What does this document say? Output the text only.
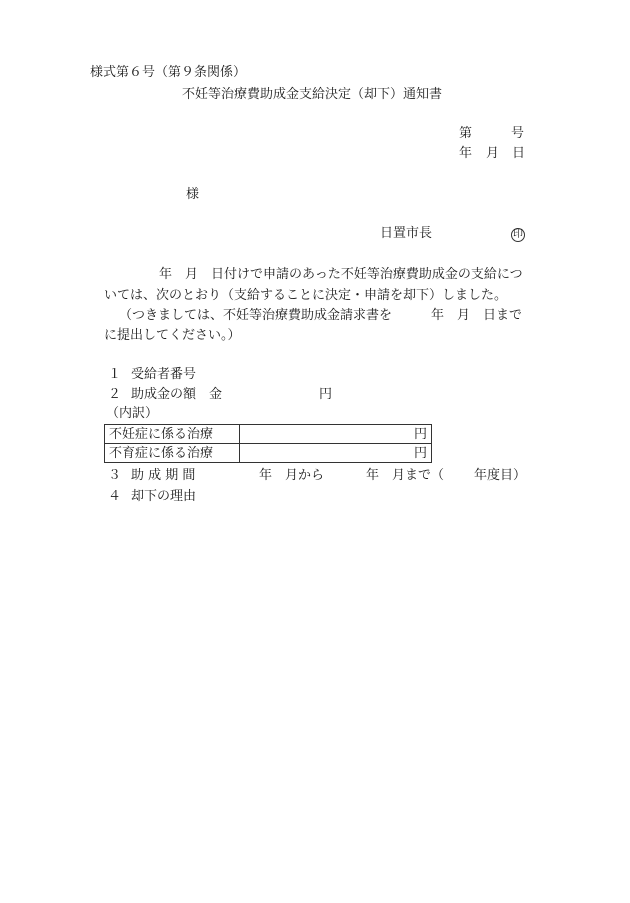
様式第６号（第９条関係）
不妊等治療費助成金支給決定（却下）通知書
第	号
年 月 日
様
日置市長	印
年　月　日付けで申請のあった不妊等治療費助成金の支給につ
いては、次のとおり（支給することに決定・申請を却下）しました。
（つきましては、不妊等治療費助成金請求書を　　　年　月　日まで
に提出してください。）
１ 受給者番号
２ 助成金の額　金	円
（内訳）
不妊症に係る治療	円
不育症に係る治療	円
３ 助 成 期 間	年　月から	年　月まで（ 年度目）
４ 却下の理由
